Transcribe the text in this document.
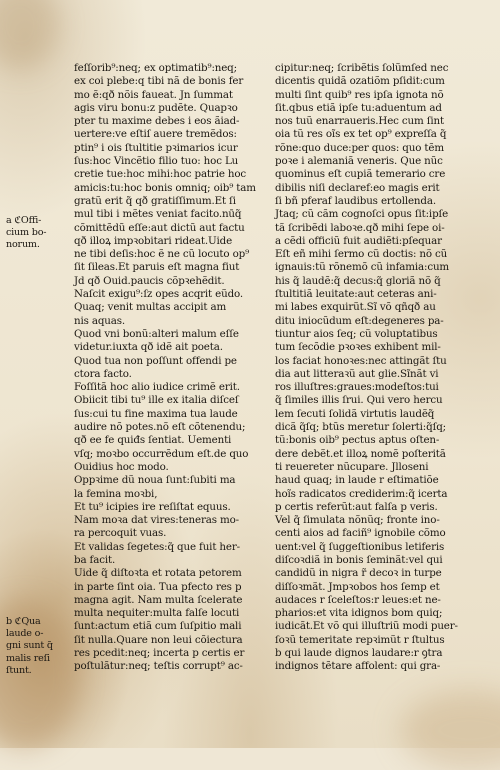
a ℭOffi-
cium bo-
norum.
b ℭQua
laude o-
gni sunt q̃
malis reſi
ſtunt.
feſſorib⁹:neq; ex optimatib⁹:neq;
ex coi plebe:q tibi nã de bonis fer
mo ẽ:qð nõis faueat. Jn ſummat
agis viru bonu:z pudẽte. Quapꝛo
pter tu maxime debes i eos ãiad-
uertere:ve eſtiſ auere tremẽdos:
ptin⁹ i ois ſtultitie pꝛimarios icur
ſus:hoc Vincẽtio filio tuo: hoc Lu
cretie tue:hoc mihi:hoc patrie hoc
amicis:tu:hoc bonis omniq; oib⁹ tam
gratũ erit q̃ qð gratiſſimum.Et ſi
mul tibi i mẽtes veniat facito.nūq̃
cõmittẽdũ eſſe:aut dictũ aut factu
qð illoꝝ impꝛobitari rideat.Uide
ne tibi deſis:hoc ẽ ne cũ locuto op⁹
ſit ſileas.Et paruis eſt magna fiut
Jd qð Ouid.paucis cõpꝛehẽdit.
Naſcit exigu⁹:ſz opes acqrit eũdo.
Quaq; venit multas accipit am
nis aquas.
Quod vni bonũ:alteri malum eſſe
videtur.iuxta qð idẽ ait poeta.
Quod tua non poſſunt offendi pe
ctora facto.
Foſſitã hoc alio iudice crimẽ erit.
Obiicit tibi tu⁹ ille ex italia diſceſ
ſus:cui tu fine maxima tua laude
audire nõ potes.nõ eſt cõtenendu;
qð ee fe quiđs ſentiat. Uementi
vſq; moꝛbo occurrẽdum eſt.de quo
Ouidius hoc modo.
Oppꝛime dũ noua ſunt:ſubiti ma
la femina moꝛbi,
Et tu⁹ icipies ire reſiſtat equus.
Nam moꝛa dat vires:teneras mo-
ra percoquit vuas.
Et validas ſegetes:q̃ que fuit her-
ba facit.
Uide q̃ diſtoꝛta et rotata petorem
in parte ſint oia. Tua pfecto res p
magna agit. Nam multa ſcelerate
multa nequiter:multa falſe locuti
ſunt:actum etiã cum ſuſpitio mali
ſit nulla.Quare non leui cõiectura
res pcedit:neq; incerta p certis er
poſtulãtur:neq; teſtis corrupt⁹ ac-
cipitur:neq; ſcribẽtis ſolũmſed nec
dicentis quidã ozatiõm pſidit:cum
multi ſint quib⁹ res ipſa ignota nõ
ſit.qbus etiã ipſe tu:aduentum ad
nos tuũ enarraueris.Hec cum ſint
oia tũ res oĩs ex tet op⁹ expreſſa q̃
rõne:quo duce:per quos: quo tẽm
poꝛe i alemaniã veneris. Que nũc
quominus eſt cupiã temerario cre
dibilis niſi declaref:eo magis erit
ſi bñ pferaf laudibus ertollenda.
Jtaq; cũ cãm cognoſci opus ſit:ipſe
tã ſcribẽdi laboꝛe.qð mihi ſepe oi-
a cẽdi officiũ fuit audiẽti:pſequar
Eſt eñ mihi ſermo cũ doctis: nõ cũ
ignauis:tũ rõnemõ cũ infamia:cum
his q̃ laudẽ:q̃ decus:q̃ gloriã nõ q̃
ſtultitiã leuitate:aut ceteras ani-
mi labes exquirũt.Sĩ võ qñqð au
ditu iniocũdum eſt:degeneres pa-
tiuntur aios ſeq; cũ voluptatibus
tum ſecõdie pꝛoꝛes exhibent mil-
los faciat honoꝛes:nec attingãt ſtu
dia aut litteraꝛũ aut glie.Sĩnãt vi
ros illuſtres:graues:modeſtos:tui
q̃ ſimiles illis ſrui. Qui vero hercu
lem ſecuti ſolidã virtutis laudẽq̃
dicã q̃ſq; btũs meretur ſolerti:q̃ſq;
tũ:bonis oib⁹ pectus aptus oſten-
dere debẽt.et illoꝝ nomẽ poſteritã
ti reuereter nũcupare. Jlloseni̇
haud quaq; in laude r eſtimatiõe
hoĩs radicatos crediderim:q̃ icerta
p certis referũt:aut falſa p veris.
Vel q̃ ſimulata nõnũq; fronte ino-
centi aios ad faciñ⁹ ignobile cõmo
uent:vel q̃ ſuggeſtionibus letiferis
diſcoꝛdiã in bonis ſeminãt:vel qui
candidũ in nigra r̃ decoꝛ in turpe
diſſoꝛmãt. Jmpꝛobos hos ſemp et
audaces r ſceleſtos:r leues:et ne-
pharios:et vita idignos bom quiq;
iudicãt.Et võ qui illuſtriũ modi puer-
ſoꝛũ temeritate repꝛimũt r ſtultus
b qui laude dignos laudare:r ꝯtra
indignos tẽtare affolent: qui gra-
